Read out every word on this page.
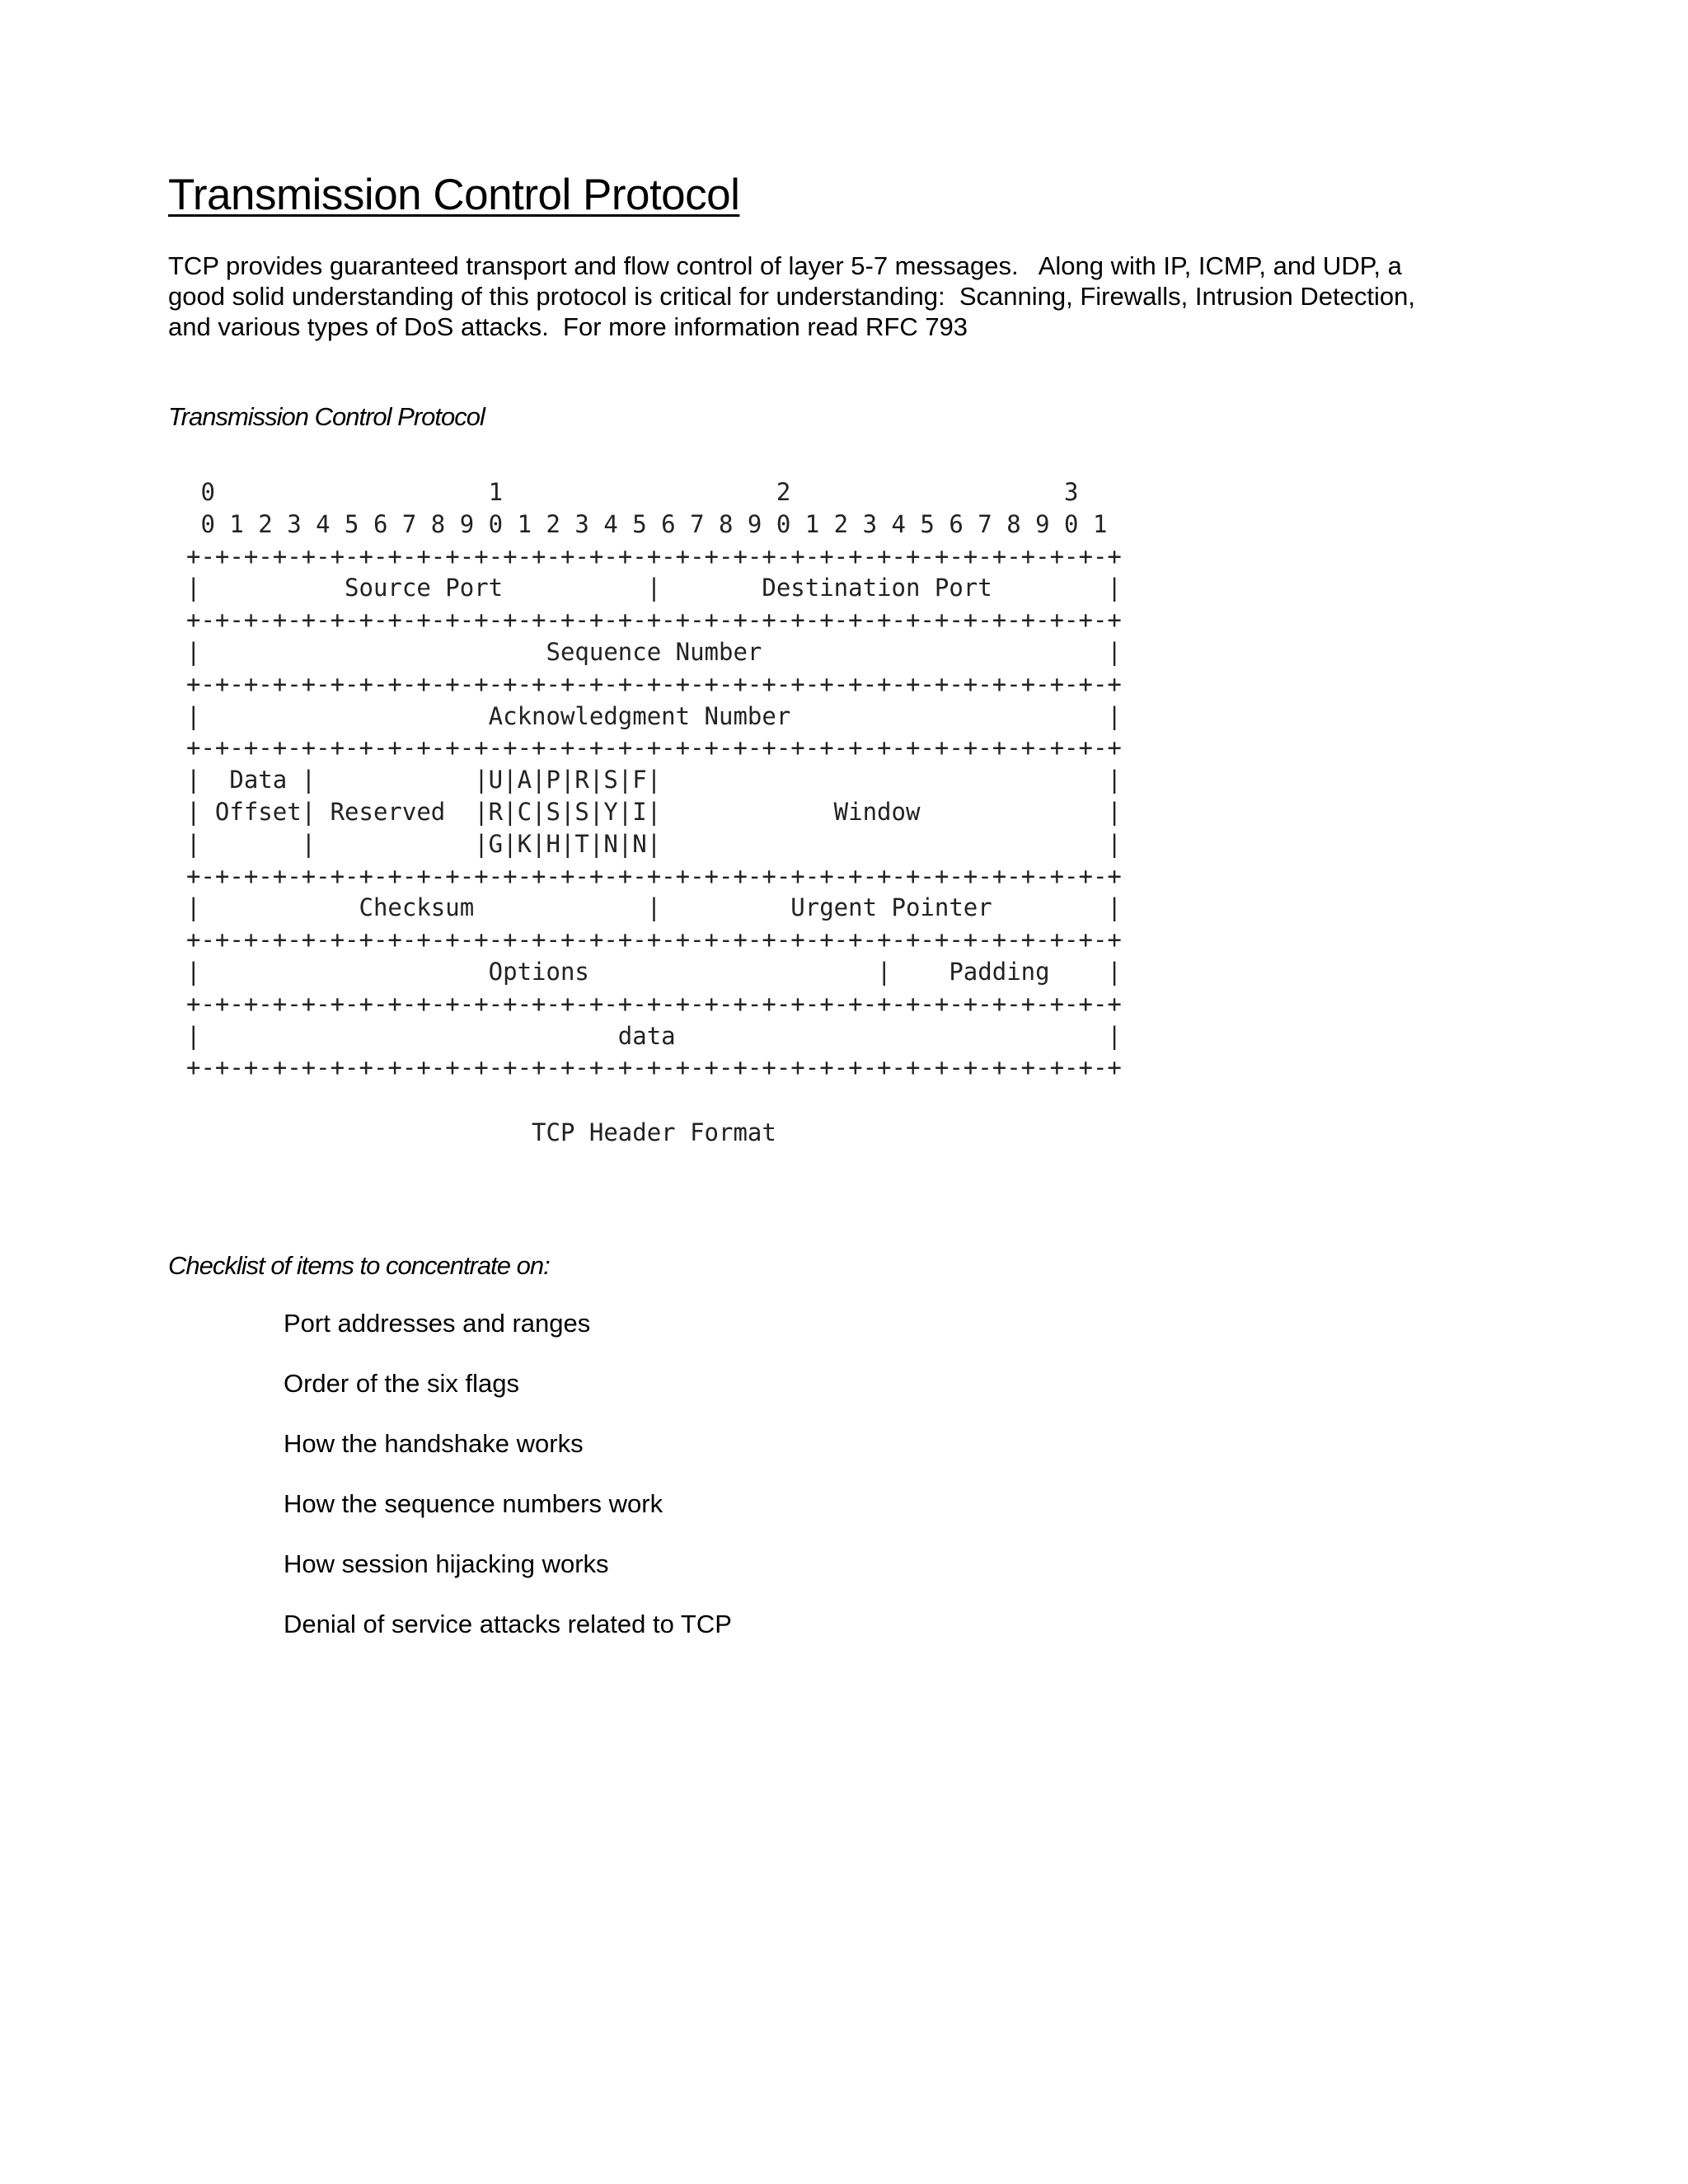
Transmission Control Protocol

TCP provides guaranteed transport and flow control of layer 5-7 messages.   Along with IP, ICMP, and UDP, a
good solid understanding of this protocol is critical for understanding:  Scanning, Firewalls, Intrusion Detection,
and various types of DoS attacks.  For more information read RFC 793

Transmission Control Protocol
0                   1                   2                   3
0 1 2 3 4 5 6 7 8 9 0 1 2 3 4 5 6 7 8 9 0 1 2 3 4 5 6 7 8 9 0 1
+-+-+-+-+-+-+-+-+-+-+-+-+-+-+-+-+-+-+-+-+-+-+-+-+-+-+-+-+-+-+-+-+
|          Source Port          |       Destination Port        |
+-+-+-+-+-+-+-+-+-+-+-+-+-+-+-+-+-+-+-+-+-+-+-+-+-+-+-+-+-+-+-+-+
|                        Sequence Number                        |
+-+-+-+-+-+-+-+-+-+-+-+-+-+-+-+-+-+-+-+-+-+-+-+-+-+-+-+-+-+-+-+-+
|                    Acknowledgment Number                      |
+-+-+-+-+-+-+-+-+-+-+-+-+-+-+-+-+-+-+-+-+-+-+-+-+-+-+-+-+-+-+-+-+
|  Data |           |U|A|P|R|S|F|                               |
| Offset| Reserved  |R|C|S|S|Y|I|            Window             |
|       |           |G|K|H|T|N|N|                               |
+-+-+-+-+-+-+-+-+-+-+-+-+-+-+-+-+-+-+-+-+-+-+-+-+-+-+-+-+-+-+-+-+
|           Checksum            |         Urgent Pointer        |
+-+-+-+-+-+-+-+-+-+-+-+-+-+-+-+-+-+-+-+-+-+-+-+-+-+-+-+-+-+-+-+-+
|                    Options                    |    Padding    |
+-+-+-+-+-+-+-+-+-+-+-+-+-+-+-+-+-+-+-+-+-+-+-+-+-+-+-+-+-+-+-+-+
|                             data                              |
+-+-+-+-+-+-+-+-+-+-+-+-+-+-+-+-+-+-+-+-+-+-+-+-+-+-+-+-+-+-+-+-+
TCP Header Format
Checklist of items to concentrate on:
Port addresses and ranges
Order of the six flags
How the handshake works
How the sequence numbers work
How session hijacking works
Denial of service attacks related to TCP
